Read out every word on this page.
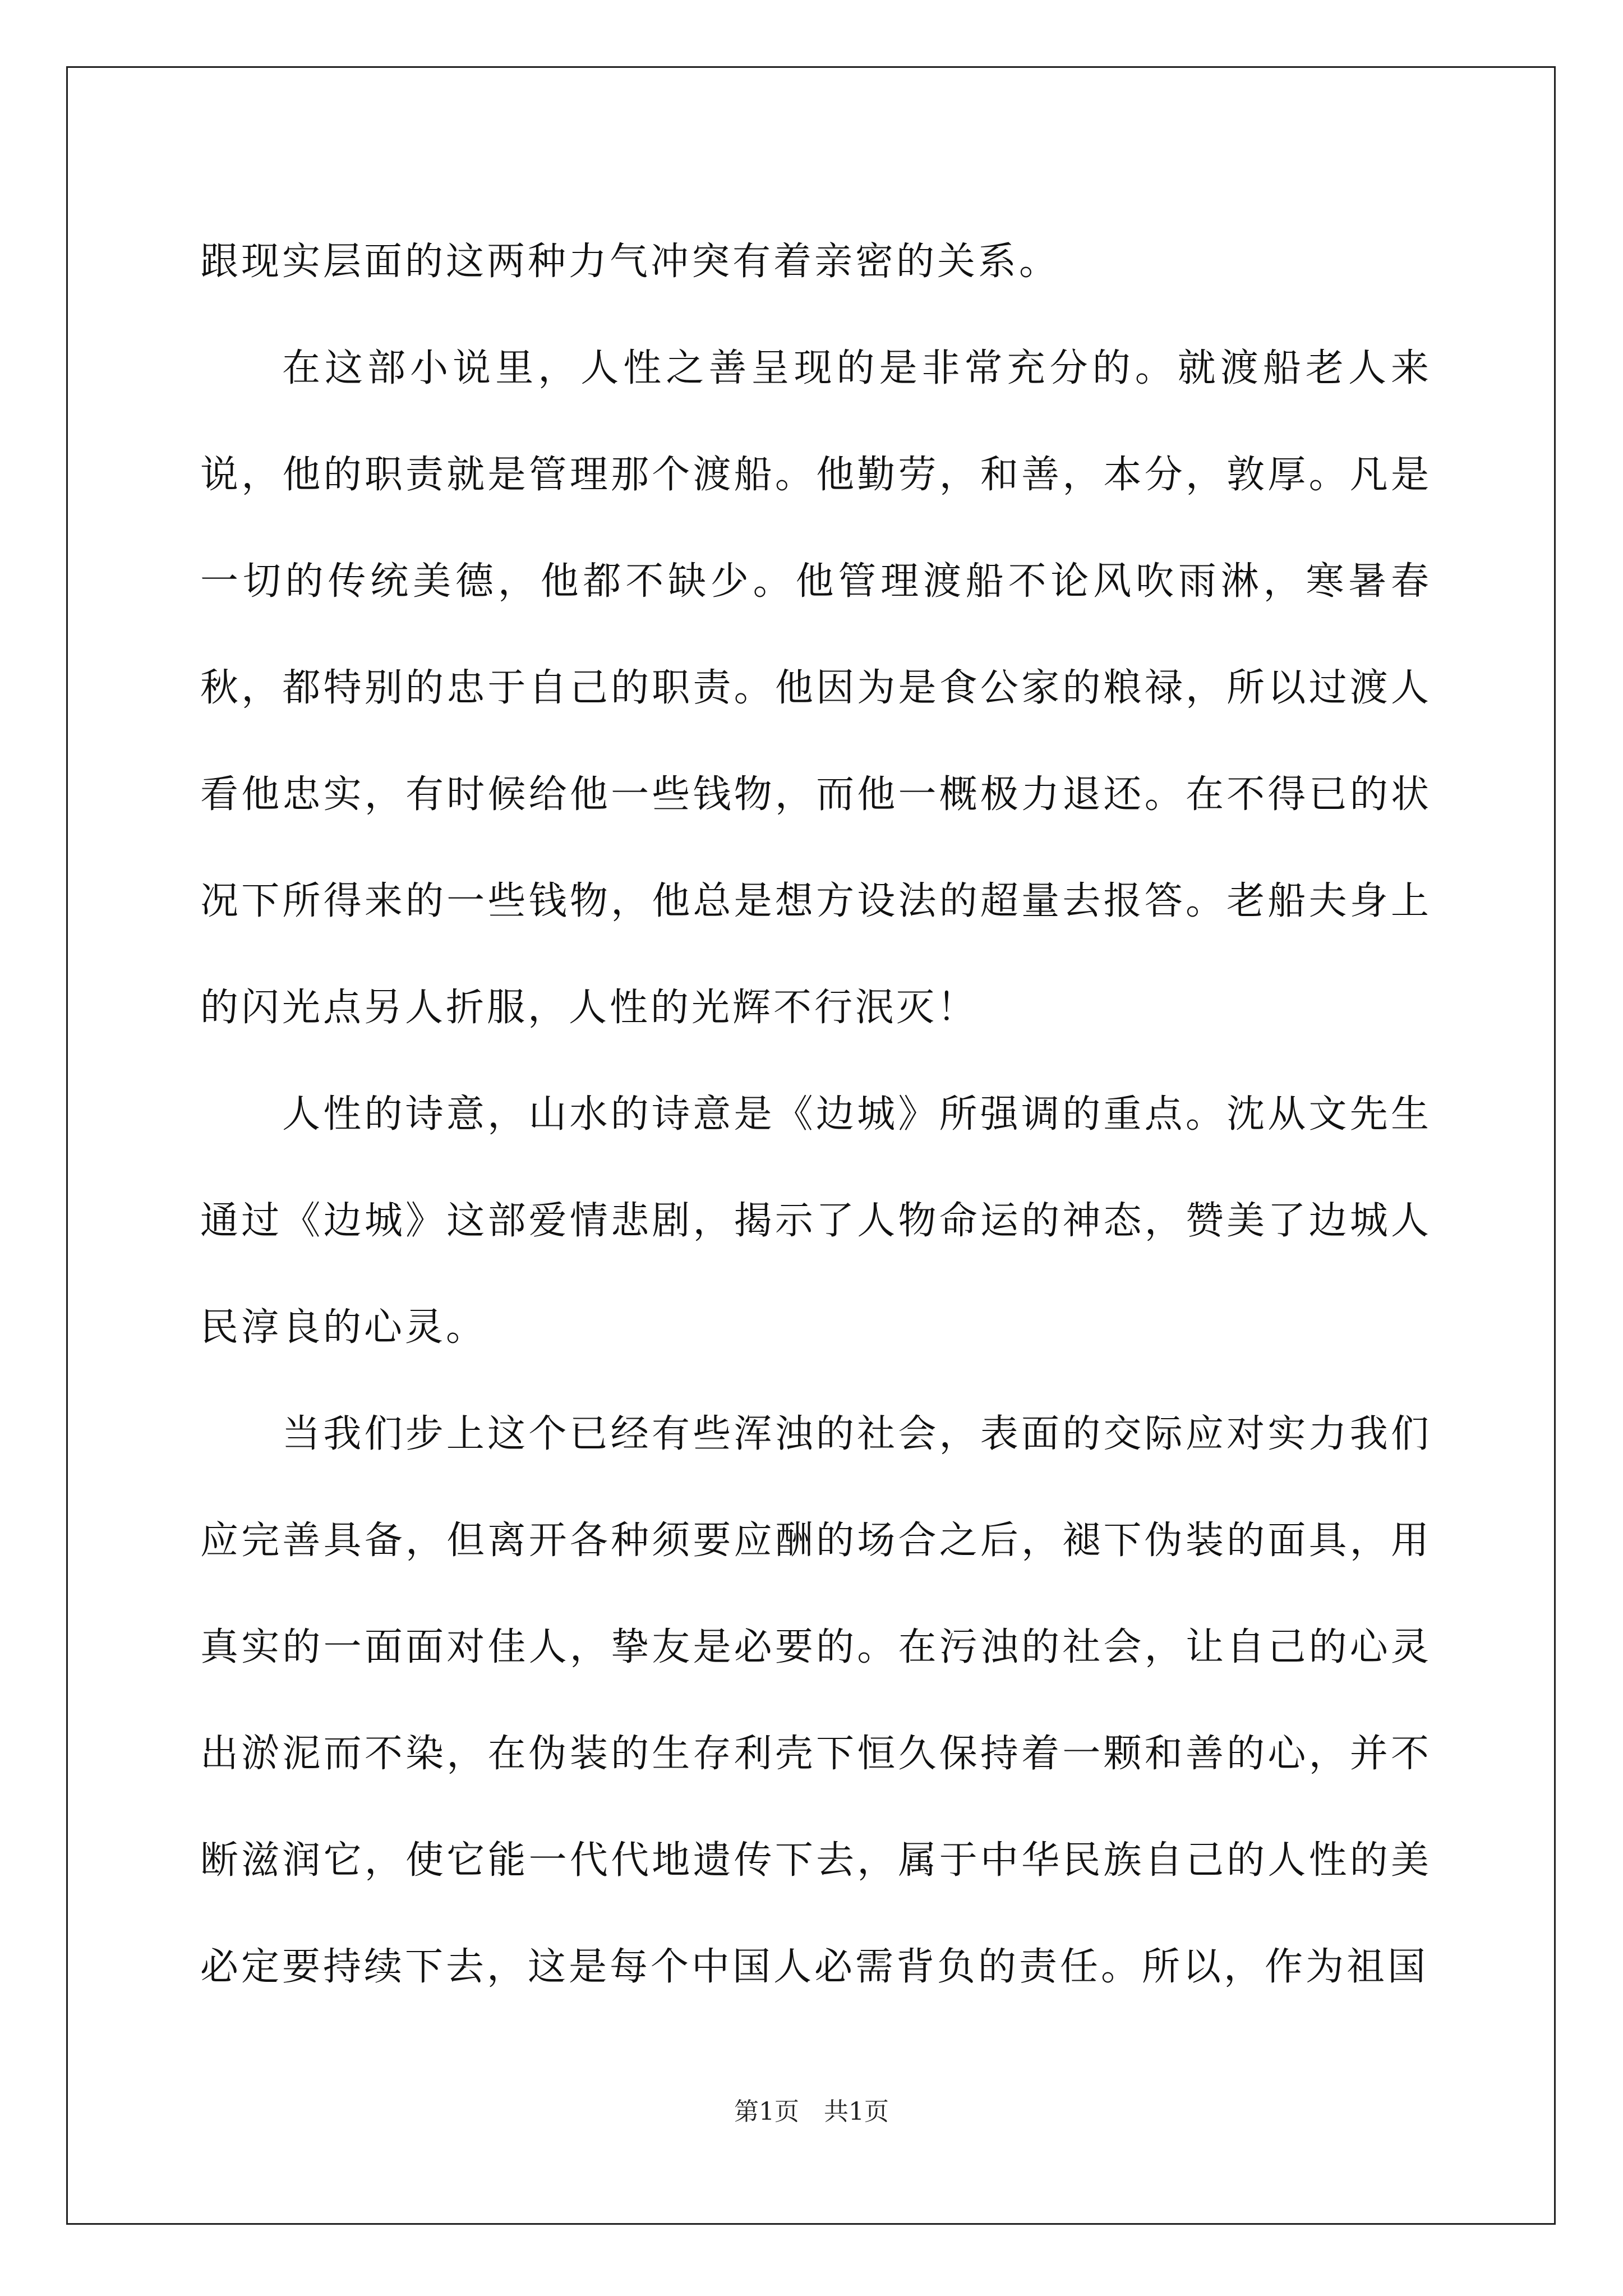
跟现实层面的这两种力气冲突有着亲密的关系。

在这部小说里，人性之善呈现的是非常充分的。就渡船老人来说，他的职责就是管理那个渡船。他勤劳，和善，本分，敦厚。凡是一切的传统美德，他都不缺少。他管理渡船不论风吹雨淋，寒暑春秋，都特别的忠于自己的职责。他因为是食公家的粮禄，所以过渡人看他忠实，有时候给他一些钱物，而他一概极力退还。在不得已的状况下所得来的一些钱物，他总是想方设法的超量去报答。老船夫身上的闪光点另人折服，人性的光辉不行泯灭！

人性的诗意，山水的诗意是《边城》所强调的重点。沈从文先生通过《边城》这部爱情悲剧，揭示了人物命运的神态，赞美了边城人民淳良的心灵。

当我们步上这个已经有些浑浊的社会，表面的交际应对实力我们应完善具备，但离开各种须要应酬的场合之后，褪下伪装的面具，用真实的一面面对佳人，挚友是必要的。在污浊的社会，让自己的心灵出淤泥而不染，在伪装的生存利壳下恒久保持着一颗和善的心，并不断滋润它，使它能一代代地遗传下去，属于中华民族自己的人性的美必定要持续下去，这是每个中国人必需背负的责任。所以，作为祖国

第1页 共1页
